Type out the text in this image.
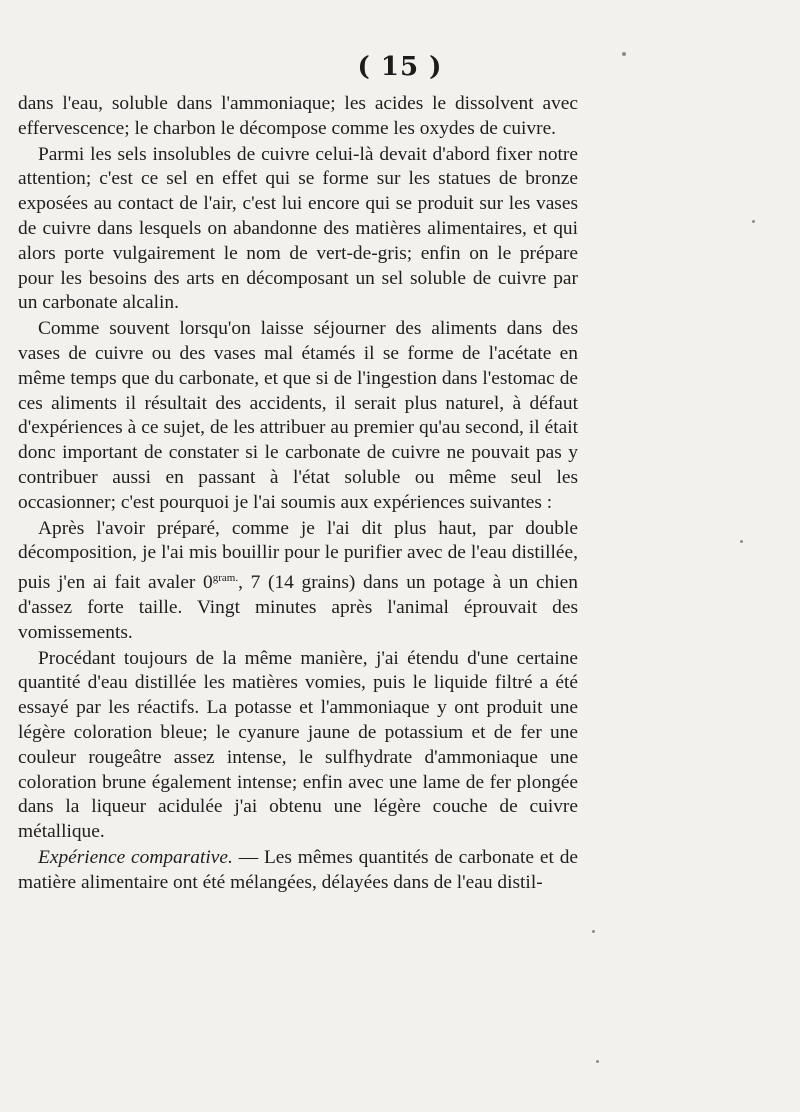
( 15 )

dans l'eau, soluble dans l'ammoniaque; les acides le dissolvent avec effervescence; le charbon le décompose comme les oxydes de cuivre.

Parmi les sels insolubles de cuivre celui-là devait d'abord fixer notre attention; c'est ce sel en effet qui se forme sur les statues de bronze exposées au contact de l'air, c'est lui encore qui se produit sur les vases de cuivre dans lesquels on abandonne des matières alimentaires, et qui alors porte vulgairement le nom de vert-de-gris; enfin on le prépare pour les besoins des arts en décomposant un sel soluble de cuivre par un carbonate alcalin.

Comme souvent lorsqu'on laisse séjourner des aliments dans des vases de cuivre ou des vases mal étamés il se forme de l'acétate en même temps que du carbonate, et que si de l'ingestion dans l'estomac de ces aliments il résultait des accidents, il serait plus naturel, à défaut d'expériences à ce sujet, de les attribuer au premier qu'au second, il était donc important de constater si le carbonate de cuivre ne pouvait pas y contribuer aussi en passant à l'état soluble ou même seul les occasionner; c'est pourquoi je l'ai soumis aux expériences suivantes :

Après l'avoir préparé, comme je l'ai dit plus haut, par double décomposition, je l'ai mis bouillir pour le purifier avec de l'eau distillée, puis j'en ai fait avaler $0^{gram.}$, 7 (14 grains) dans un potage à un chien d'assez forte taille. Vingt minutes après l'animal éprouvait des vomissements.

Procédant toujours de la même manière, j'ai étendu d'une certaine quantité d'eau distillée les matières vomies, puis le liquide filtré a été essayé par les réactifs. La potasse et l'ammoniaque y ont produit une légère coloration bleue; le cyanure jaune de potassium et de fer une couleur rougeâtre assez intense, le sulfhydrate d'ammoniaque une coloration brune également intense; enfin avec une lame de fer plongée dans la liqueur acidulée j'ai obtenu une légère couche de cuivre métallique.

Expérience comparative. — Les mêmes quantités de carbonate et de matière alimentaire ont été mélangées, délayées dans de l'eau distil-
